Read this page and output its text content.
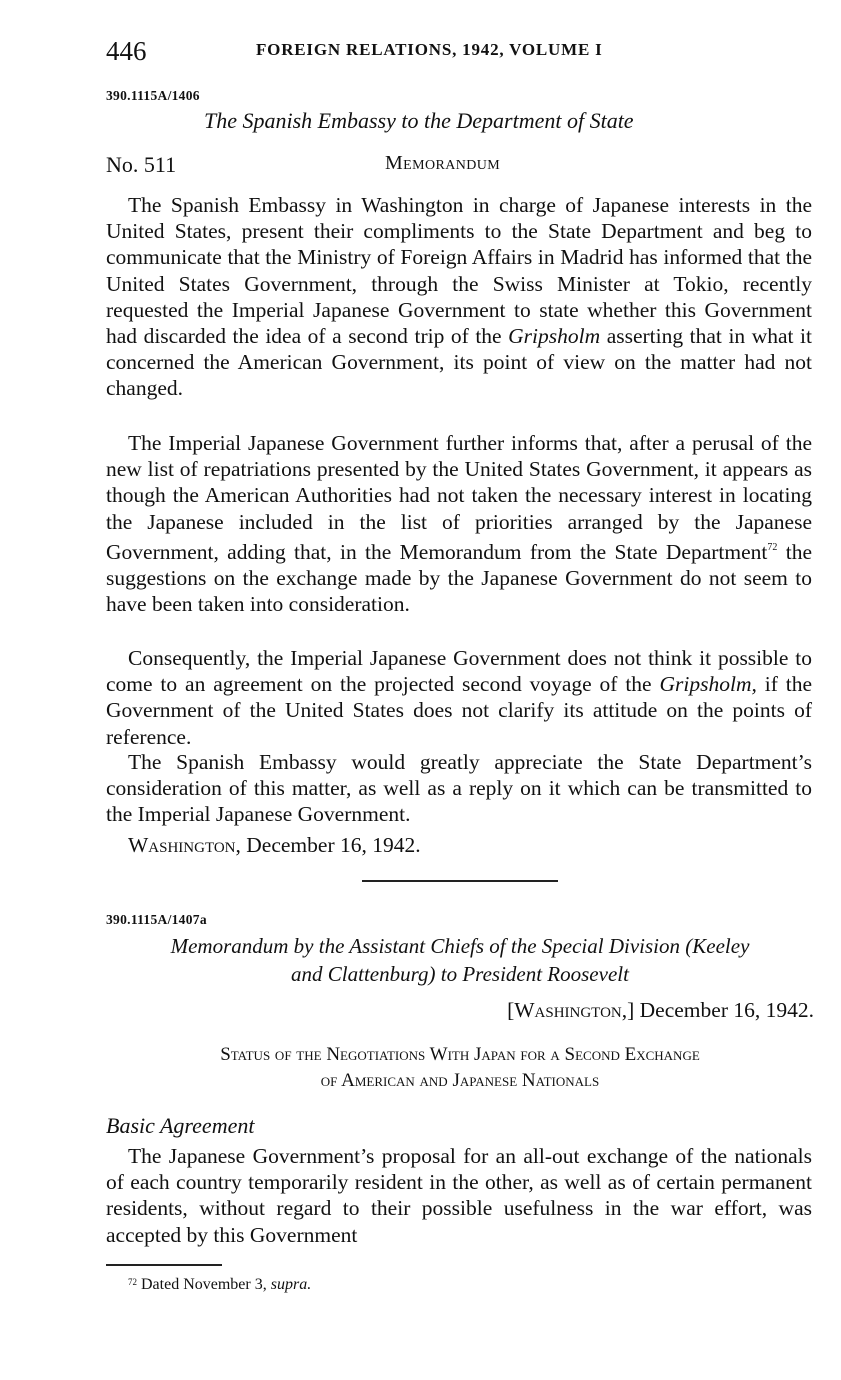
446	FOREIGN RELATIONS, 1942, VOLUME I
390.1115A/1406
The Spanish Embassy to the Department of State
No. 511	Memorandum

The Spanish Embassy in Washington in charge of Japanese interests in the United States, present their compliments to the State Department and beg to communicate that the Ministry of Foreign Affairs in Madrid has informed that the United States Government, through the Swiss Minister at Tokio, recently requested the Imperial Japanese Government to state whether this Government had discarded the idea of a second trip of the Gripsholm asserting that in what it concerned the American Government, its point of view on the matter had not changed.

The Imperial Japanese Government further informs that, after a perusal of the new list of repatriations presented by the United States Government, it appears as though the American Authorities had not taken the necessary interest in locating the Japanese included in the list of priorities arranged by the Japanese Government, adding that, in the Memorandum from the State Department$^{72}$ the suggestions on the exchange made by the Japanese Government do not seem to have been taken into consideration.

Consequently, the Imperial Japanese Government does not think it possible to come to an agreement on the projected second voyage of the Gripsholm, if the Government of the United States does not clarify its attitude on the points of reference.

The Spanish Embassy would greatly appreciate the State Department’s consideration of this matter, as well as a reply on it which can be transmitted to the Imperial Japanese Government.

Washington, December 16, 1942.
390.1115A/1407a
Memorandum by the Assistant Chiefs of the Special Division (Keeley
and Clattenburg) to President Roosevelt
[Washington,] December 16, 1942.
Status of the Negotiations With Japan for a Second Exchange
of American and Japanese Nationals
Basic Agreement

The Japanese Government’s proposal for an all-out exchange of the nationals of each country temporarily resident in the other, as well as of certain permanent residents, without regard to their possible usefulness in the war effort, was accepted by this Government

$^{72}$ Dated November 3, supra.
